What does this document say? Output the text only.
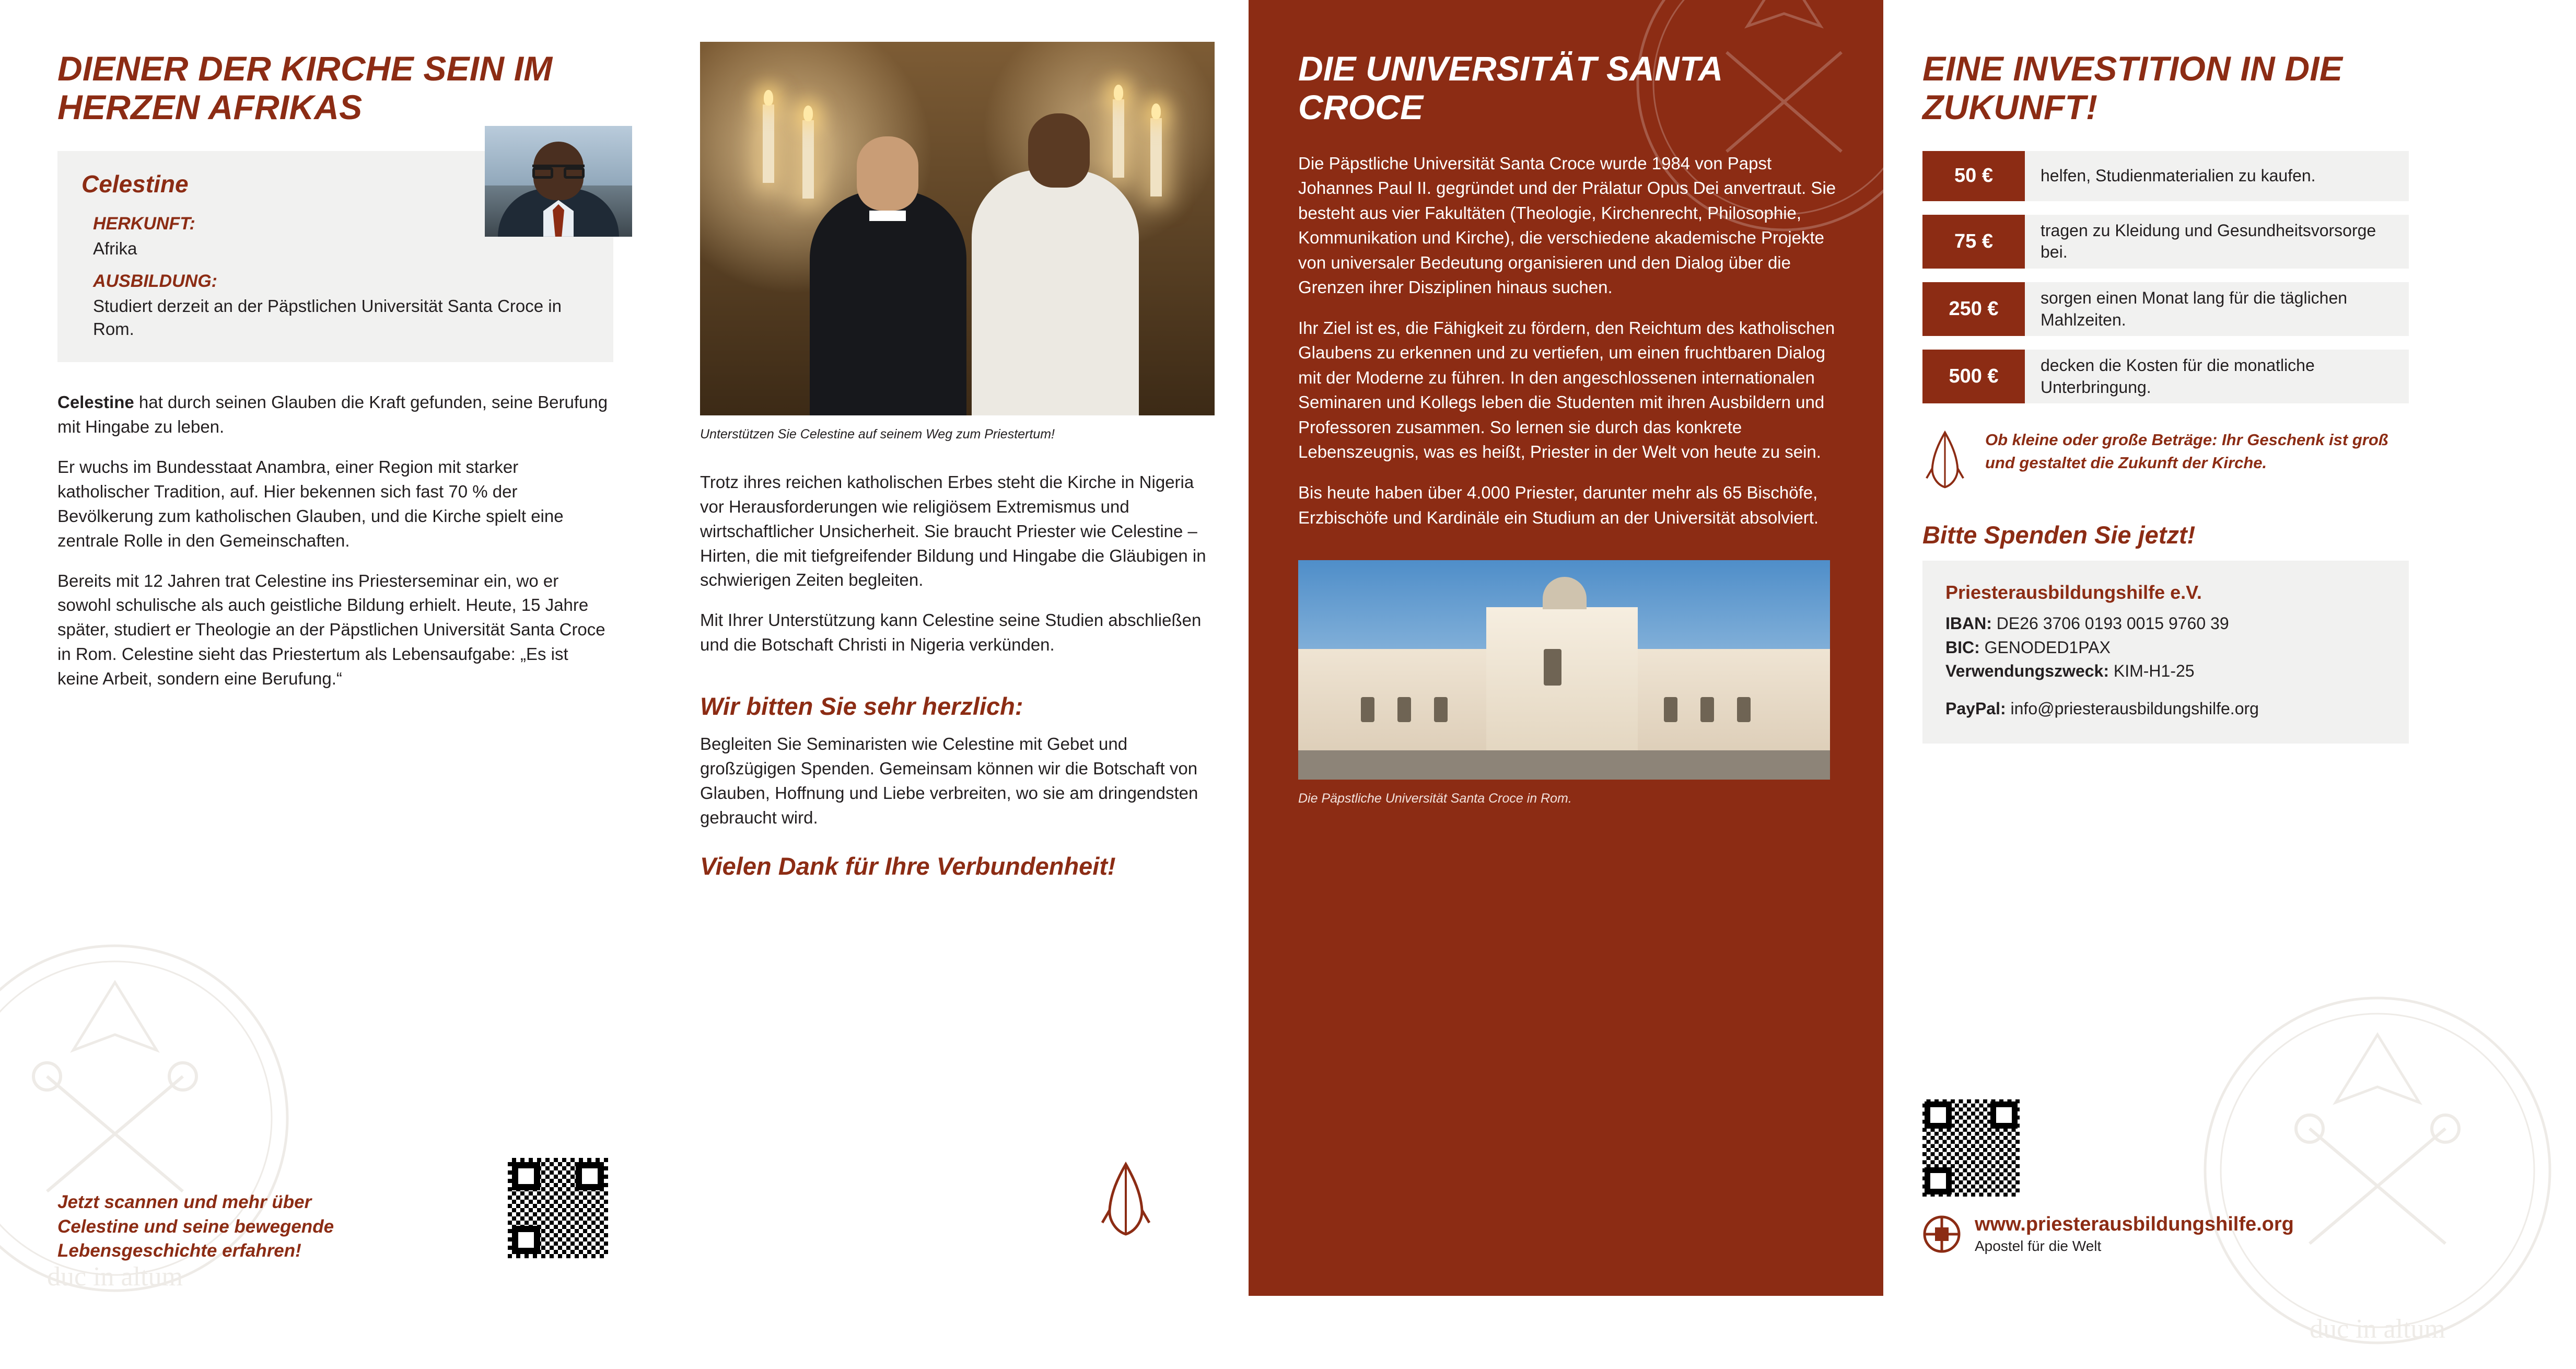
duc in altum
DIENER DER KIRCHE SEIN IM HERZEN AFRIKAS
Celestine
HERKUNFT:
Afrika
AUSBILDUNG:
Studiert derzeit an der Päpstlichen Universität Santa Croce in Rom.

Celestine hat durch seinen Glauben die Kraft gefunden, seine Berufung mit Hingabe zu leben.

Er wuchs im Bundesstaat Anambra, einer Region mit starker katholischer Tradition, auf. Hier bekennen sich fast 70 % der Bevölkerung zum katholischen Glauben, und die Kirche spielt eine zentrale Rolle in den Gemeinschaften.

Bereits mit 12 Jahren trat Celestine ins Priesterseminar ein, wo er sowohl schulische als auch geistliche Bildung erhielt. Heute, 15 Jahre später, studiert er Theologie an der Päpstlichen Universität Santa Croce in Rom. Celestine sieht das Priestertum als Lebensaufgabe: „Es ist keine Arbeit, sondern eine Berufung.“

Jetzt scannen und mehr über Celestine und seine bewegende Lebensgeschichte erfahren!
Unterstützen Sie Celestine auf seinem Weg zum Priestertum!

Trotz ihres reichen katholischen Erbes steht die Kirche in Nigeria vor Herausforderungen wie religiösem Extremismus und wirtschaftlicher Unsicherheit. Sie braucht Priester wie Celestine – Hirten, die mit tiefgreifender Bildung und Hingabe die Gläubigen in schwierigen Zeiten begleiten.

Mit Ihrer Unterstützung kann Celestine seine Studien abschließen und die Botschaft Christi in Nigeria verkünden.

Wir bitten Sie sehr herzlich:

Begleiten Sie Seminaristen wie Celestine mit Gebet und großzügigen Spenden. Gemeinsam können wir die Botschaft von Glauben, Hoffnung und Liebe verbreiten, wo sie am dringendsten gebraucht wird.

Vielen Dank für Ihre Verbundenheit!
DIE UNIVERSITÄT SANTA CROCE

Die Päpstliche Universität Santa Croce wurde 1984 von Papst Johannes Paul II. gegründet und der Prälatur Opus Dei anvertraut. Sie besteht aus vier Fakultäten (Theologie, Kirchenrecht, Philosophie, Kommunikation und Kirche), die verschiedene akademische Projekte von universaler Bedeutung organisieren und den Dialog über die Grenzen ihrer Disziplinen hinaus suchen.

Ihr Ziel ist es, die Fähigkeit zu fördern, den Reichtum des katholischen Glaubens zu erkennen und zu vertiefen, um einen fruchtbaren Dialog mit der Moderne zu führen. In den angeschlossenen internationalen Seminaren und Kollegs leben die Studenten mit ihren Ausbildern und Professoren zusammen. So lernen sie durch das konkrete Lebenszeugnis, was es heißt, Priester in der Welt von heute zu sein.

Bis heute haben über 4.000 Priester, darunter mehr als 65 Bischöfe, Erzbischöfe und Kardinäle ein Studium an der Universität absolviert.

Die Päpstliche Universität Santa Croce in Rom.
duc in altum
EINE INVESTITION IN DIE ZUKUNFT!
50 €	helfen, Studienmaterialien zu kaufen.
75 €
tragen zu Kleidung und Gesundheitsvorsorge bei.
250 €
sorgen einen Monat lang für die täglichen Mahlzeiten.
500 €
decken die Kosten für die monatliche Unterbringung.
Ob kleine oder große Beträge: Ihr Geschenk ist groß und gestaltet die Zukunft der Kirche.
Bitte Spenden Sie jetzt!
Priesterausbildungshilfe e.V.

IBAN: DE26 3706 0193 0015 9760 39

BIC: GENODED1PAX

Verwendungszweck: KIM-H1-25

PayPal: info@priesterausbildungshilfe.org

www.priesterausbildungshilfe.org
Apostel für die Welt
